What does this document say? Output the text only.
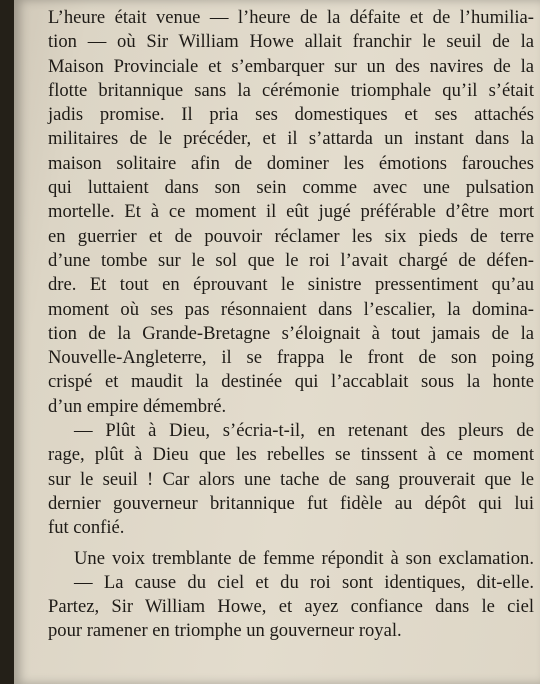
L’heure était venue — l’heure de la défaite et de l’humilia-
tion — où Sir William Howe allait franchir le seuil de la
Maison Provinciale et s’embarquer sur un des navires de la
flotte britannique sans la cérémonie triomphale qu’il s’était
jadis promise. Il pria ses domestiques et ses attachés
militaires de le précéder, et il s’attarda un instant dans la
maison solitaire afin de dominer les émotions farouches
qui luttaient dans son sein comme avec une pulsation
mortelle. Et à ce moment il eût jugé préférable d’être mort
en guerrier et de pouvoir réclamer les six pieds de terre
d’une tombe sur le sol que le roi l’avait chargé de défen-
dre. Et tout en éprouvant le sinistre pressentiment qu’au
moment où ses pas résonnaient dans l’escalier, la domina-
tion de la Grande-Bretagne s’éloignait à tout jamais de la
Nouvelle-Angleterre, il se frappa le front de son poing
crispé et maudit la destinée qui l’accablait sous la honte
d’un empire démembré.
— Plût à Dieu, s’écria-t-il, en retenant des pleurs de
rage, plût à Dieu que les rebelles se tinssent à ce moment
sur le seuil ! Car alors une tache de sang prouverait que le
dernier gouverneur britannique fut fidèle au dépôt qui lui
fut confié.
Une voix tremblante de femme répondit à son exclamation.
— La cause du ciel et du roi sont identiques, dit-elle.
Partez, Sir William Howe, et ayez confiance dans le ciel
pour ramener en triomphe un gouverneur royal.
